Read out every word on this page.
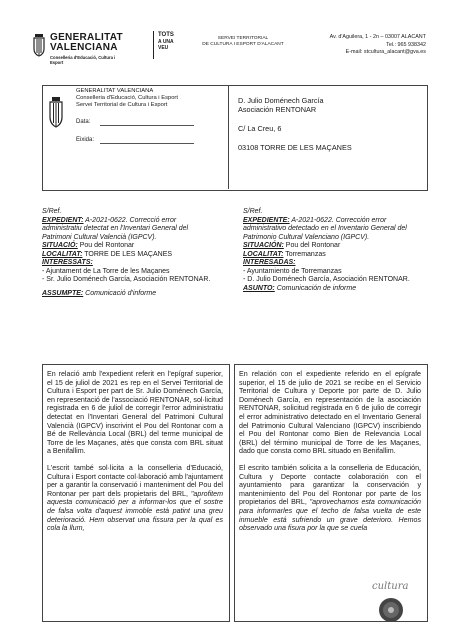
GENERALITAT
VALENCIANA
Conselleria d'Educació, Cultura i Esport
TOTS
A UNA
VEU
SERVEI TERRITORIAL
DE CULTURA I ESPORT D'ALACANT
Av. d'Aguilera, 1 - 2n – 03007 ALACANT
Tel.: 965 938342
E-mail: stcultura_alacant@gva.es
GENERALITAT VALENCIANA
Conselleria d'Educació, Cultura i Esport
Servei Territorial de Cultura i Esport
Data:
Eixida:
D. Julio Doménech García
Asociación RENTONAR
C/ La Creu, 6
03108 TORRE DE LES MAÇANES

S/Ref.

EXPEDIENT: A-2021-0622. Correcció error administratiu detectat en l'Inventari General del Patrimoni Cultural Valencià (IGPCV).

SITUACIÓ: Pou del Rontonar

LOCALITAT: TORRE DE LES MAÇANES

INTERESSATS:

- Ajuntament de La Torre de les Maçanes

- Sr. Julio Doménech García, Asociación RENTONAR.

ASSUMPTE: Comunicació d'informe

S/Ref.

EXPEDIENTE: A-2021-0622. Corrección error administrativo detectado en el Inventario General del Patrimonio Cultural Valenciano (IGPCV).

SITUACIÓN: Pou del Rontonar

LOCALITAT: Torremanzas

INTERESADAS:

- Ayuntamiento de Torremanzas

- D. Julio Doménech García, Asociación RENTONAR.

ASUNTO: Comunicación de informe

En relació amb l'expedient referit en l'epígraf superior, el 15 de juliol de 2021 es rep en el Servei Territorial de Cultura i Esport per part de Sr. Julio Doménech García, en representació de l'associació RENTONAR, sol·licitud registrada en 6 de juliol de corregir l'error administratiu detectat en l'Inventari General del Patrimoni Cultural Valencià (IGPCV) inscrivint el Pou del Rontonar com a Bé de Rellevància Local (BRL) del terme municipal de Torre de les Maçanes, atès que consta com BRL situat a Benifallim.

L'escrit també sol·licita a la conselleria d'Educació, Cultura i Esport contacte col·laboració amb l'ajuntament per a garantir la conservació i manteniment del Pou del Rontonar per part dels propietaris del BRL, "aprofitem aquesta comunicació per a informar-los que el sostre de falsa volta d'aquest immoble està patint una greu deterioració. Hem observat una fissura per la qual es cola la llum,

En relación con el expediente referido en el epígrafe superior, el 15 de julio de 2021 se recibe en el Servicio Territorial de Cultura y Deporte por parte de D. Julio Doménech García, en representación de la asociación RENTONAR, solicitud registrada en 6 de julio de corregir el error administrativo detectado en el Inventario General del Patrimonio Cultural Valenciano (IGPCV) inscribiendo el Pou del Rontonar como Bien de Relevancia Local (BRL) del término municipal de Torre de les Maçanes, dado que consta como BRL situado en Benifallim.

El escrito también solicita a la conselleria de Educación, Cultura y Deporte contacte colaboración con el ayuntamiento para garantizar la conservación y mantenimiento del Pou del Rontonar por parte de los propietarios del BRL, "aprovechamos esta comunicación para informarles que el techo de falsa vuelta de este inmueble está sufriendo un grave deterioro. Hemos observado una fisura por la que se cuela

cultura
